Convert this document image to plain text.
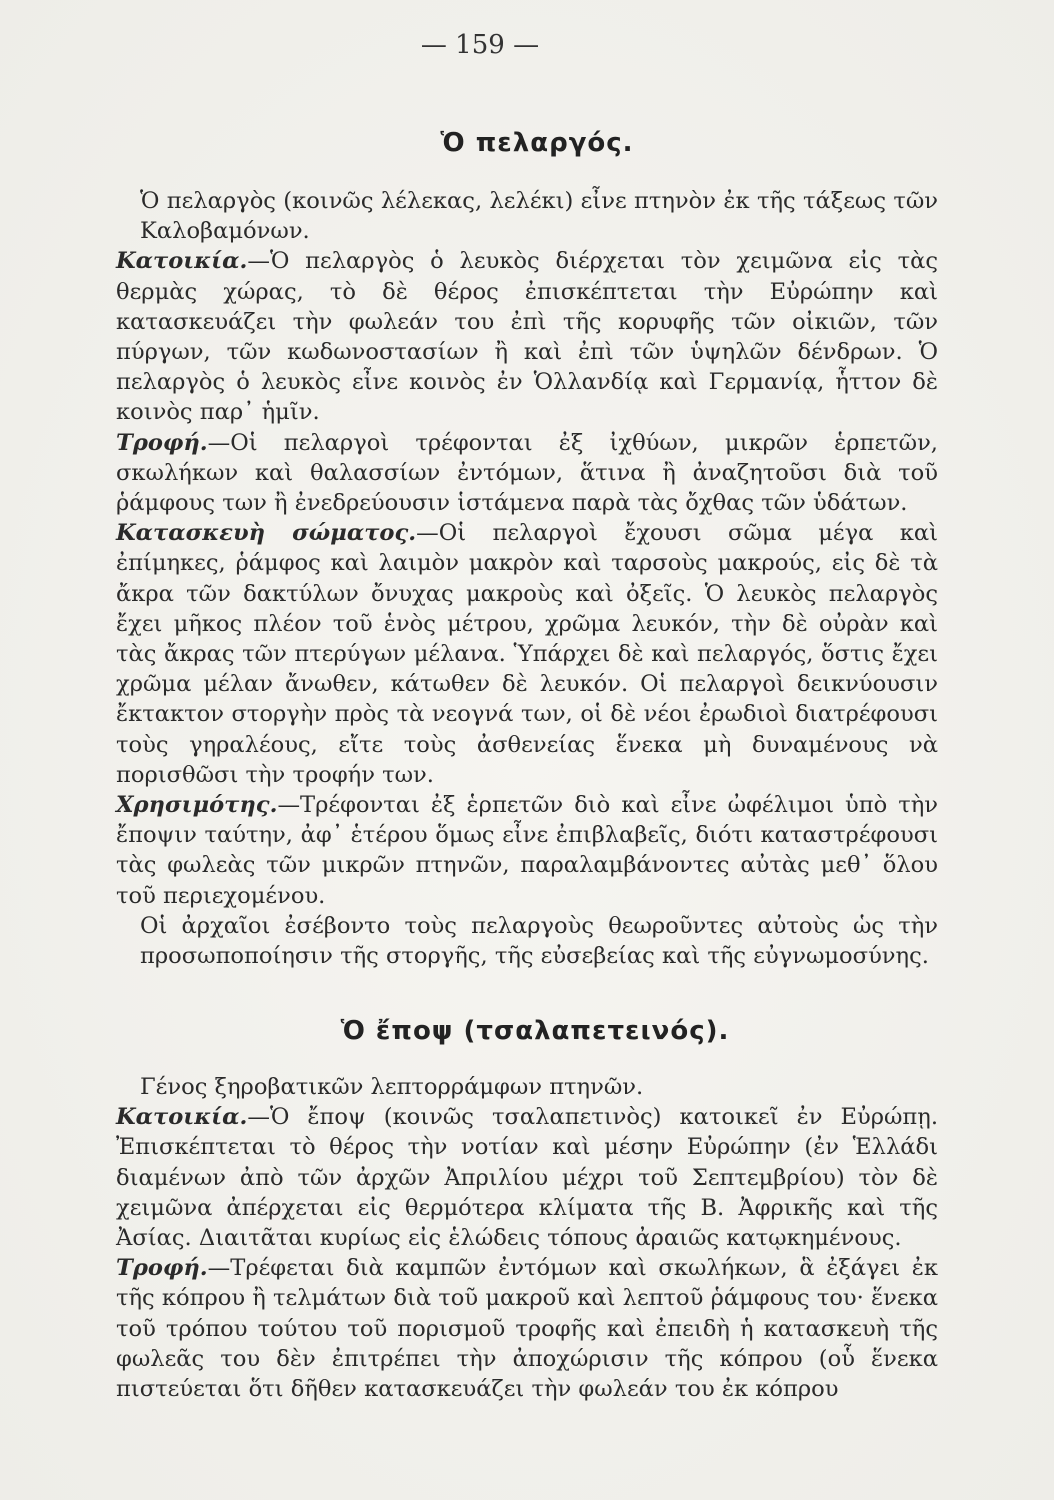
— 159 —
Ὁ πελαργός.

Ὁ πελαργὸς (κοινῶς λέλεκας, λελέκι) εἶνε πτηνὸν ἐκ τῆς τάξεως τῶν Καλοβαμόνων.

Κατοικία.—Ὁ πελαργὸς ὁ λευκὸς διέρχεται τὸν χειμῶνα εἰς τὰς θερμὰς χώρας, τὸ δὲ θέρος ἐπισκέπτεται τὴν Εὐρώπην καὶ κατασκευάζει τὴν φωλεάν του ἐπὶ τῆς κορυφῆς τῶν οἰκιῶν, τῶν πύργων, τῶν κωδωνοστασίων ἢ καὶ ἐπὶ τῶν ὑψηλῶν δένδρων. Ὁ πελαργὸς ὁ λευκὸς εἶνε κοινὸς ἐν Ὁλλανδίᾳ καὶ Γερμανίᾳ, ἧττον δὲ κοινὸς παρ᾽ ἡμῖν.

Τροφή.—Οἱ πελαργοὶ τρέφονται ἐξ ἰχθύων, μικρῶν ἑρπετῶν, σκωλήκων καὶ θαλασσίων ἐντόμων, ἅτινα ἢ ἀναζητοῦσι διὰ τοῦ ῥάμφους των ἢ ἐνεδρεύουσιν ἱστάμενα παρὰ τὰς ὄχθας τῶν ὑδάτων.

Κατασκευὴ σώματος.—Οἱ πελαργοὶ ἔχουσι σῶμα μέγα καὶ ἐπίμηκες, ῥάμφος καὶ λαιμὸν μακρὸν καὶ ταρσοὺς μακρούς, εἰς δὲ τὰ ἄκρα τῶν δακτύλων ὄνυχας μακροὺς καὶ ὀξεῖς. Ὁ λευκὸς πελαργὸς ἔχει μῆκος πλέον τοῦ ἑνὸς μέτρου, χρῶμα λευκόν, τὴν δὲ οὐρὰν καὶ τὰς ἄκρας τῶν πτερύγων μέλανα. Ὑπάρχει δὲ καὶ πελαργός, ὅστις ἔχει χρῶμα μέλαν ἄνωθεν, κάτωθεν δὲ λευκόν. Οἱ πελαργοὶ δεικνύουσιν ἔκτακτον στοργὴν πρὸς τὰ νεογνά των, οἱ δὲ νέοι ἐρωδιοὶ διατρέφουσι τοὺς γηραλέους, εἴτε τοὺς ἀσθενείας ἕνεκα μὴ δυναμένους νὰ πορισθῶσι τὴν τροφήν των.

Χρησιμότης.—Τρέφονται ἐξ ἑρπετῶν διὸ καὶ εἶνε ὠφέλιμοι ὑπὸ τὴν ἔποψιν ταύτην, ἀφ᾽ ἑτέρου ὅμως εἶνε ἐπιβλαβεῖς, διότι καταστρέφουσι τὰς φωλεὰς τῶν μικρῶν πτηνῶν, παραλαμβάνοντες αὐτὰς μεθ᾽ ὅλου τοῦ περιεχομένου.

Οἱ ἀρχαῖοι ἐσέβοντο τοὺς πελαργοὺς θεωροῦντες αὐτοὺς ὡς τὴν προσωποποίησιν τῆς στοργῆς, τῆς εὐσεβείας καὶ τῆς εὐγνωμοσύνης.

Ὁ ἔποψ (τσαλαπετεινός).

Γένος ξηροβατικῶν λεπτορράμφων πτηνῶν.

Κατοικία.—Ὁ ἔποψ (κοινῶς τσαλαπετινὸς) κατοικεῖ ἐν Εὐρώπῃ. Ἐπισκέπτεται τὸ θέρος τὴν νοτίαν καὶ μέσην Εὐρώπην (ἐν Ἑλλάδι διαμένων ἀπὸ τῶν ἀρχῶν Ἀπριλίου μέχρι τοῦ Σεπτεμβρίου) τὸν δὲ χειμῶνα ἀπέρχεται εἰς θερμότερα κλίματα τῆς Β. Ἀφρικῆς καὶ τῆς Ἀσίας. Διαιτᾶται κυρίως εἰς ἑλώδεις τόπους ἀραιῶς κατῳκημένους.

Τροφή.—Τρέφεται διὰ καμπῶν ἐντόμων καὶ σκωλήκων, ἃ ἐξάγει ἐκ τῆς κόπρου ἢ τελμάτων διὰ τοῦ μακροῦ καὶ λεπτοῦ ῥάμφους του· ἕνεκα τοῦ τρόπου τούτου τοῦ πορισμοῦ τροφῆς καὶ ἐπειδὴ ἡ κατασκευὴ τῆς φωλεᾶς του δὲν ἐπιτρέπει τὴν ἀποχώρισιν τῆς κόπρου (οὗ ἕνεκα πιστεύεται ὅτι δῆθεν κατασκευάζει τὴν φωλεάν του ἐκ κόπρου
